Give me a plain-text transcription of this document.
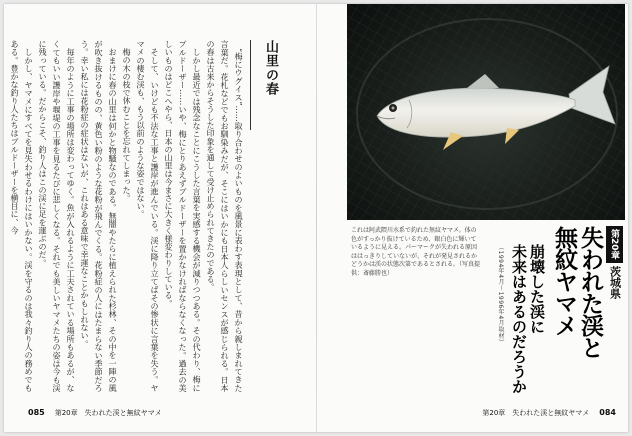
山里の春

“梅にウグイス”……取り合わせのよいものを風景に表わす表現として、昔から親しまれてきた言葉だ。花札などでもお馴染みだが、そこにはいかにも日本人らしいセンスが感じられる。日本の春は古来からそうした印象を通して受け止められてきたのである。

しかし最近では残念なことにこうした言葉を実感する機会が減りつつある。その代わり、梅にブルドーザー……いや、梅にとりあえずブルドーザーを置かなければならなくなった。過去の美しいものはどこへやら、日本の山里は今まさに大きく様変わりしている。

そして、いけども不法な工事と護岸が進んでいる。渓に降り立てばその惨状に言葉を失う。ヤマメの棲む渓も、もう以前のような姿ではない。

梅の木の枝で休むことを忘れてしまった。

おまけに春の山里は何かと物騒なのである。無闇やたらに植えられた杉林、その中を一陣の風が吹き抜けるものの、黄色い粉のような花粉が飛んでくる。花粉症の人にはたまらない季節だろう。幸い私には花粉症の症状はないが、これはある意味で幸運なことかもしれない。

毎年のように工事の場所は変わってゆく。魚が入れるように工夫されている場所もあるが、なくてもいい護岸や堰堤の工事を見るたびに悲しくなる。それでも美しいヤマメたちの姿は今も渓に残っている。だからこそ、釣り人はこの渓に足を運ぶのだ。

しかし、ヤマメにすべてを見失わせるわけにはいかない。渓を守るのは我々釣り人の務めでもある。豊かな釣り人たちはブルドーザーを横目に、今

085 第20章　失われた渓と無紋ヤマメ
これは阿武隈川水系で釣れた無紋ヤマメ。体の色がすっかり抜けているため、銀白色に輝いているように見える。パーマークが失われる原因ははっきりしていないが、それが発見されるかどうかは渓の状態次第であるとされる。（写真提供：斎藤勝也）
第20章
茨城県
失われた渓と
無紋ヤマメ
崩壊した渓に
未来はあるのだろうか
（1994年4月〜1996年4月取材）
第20章　失われた渓と無紋ヤマメ 084
